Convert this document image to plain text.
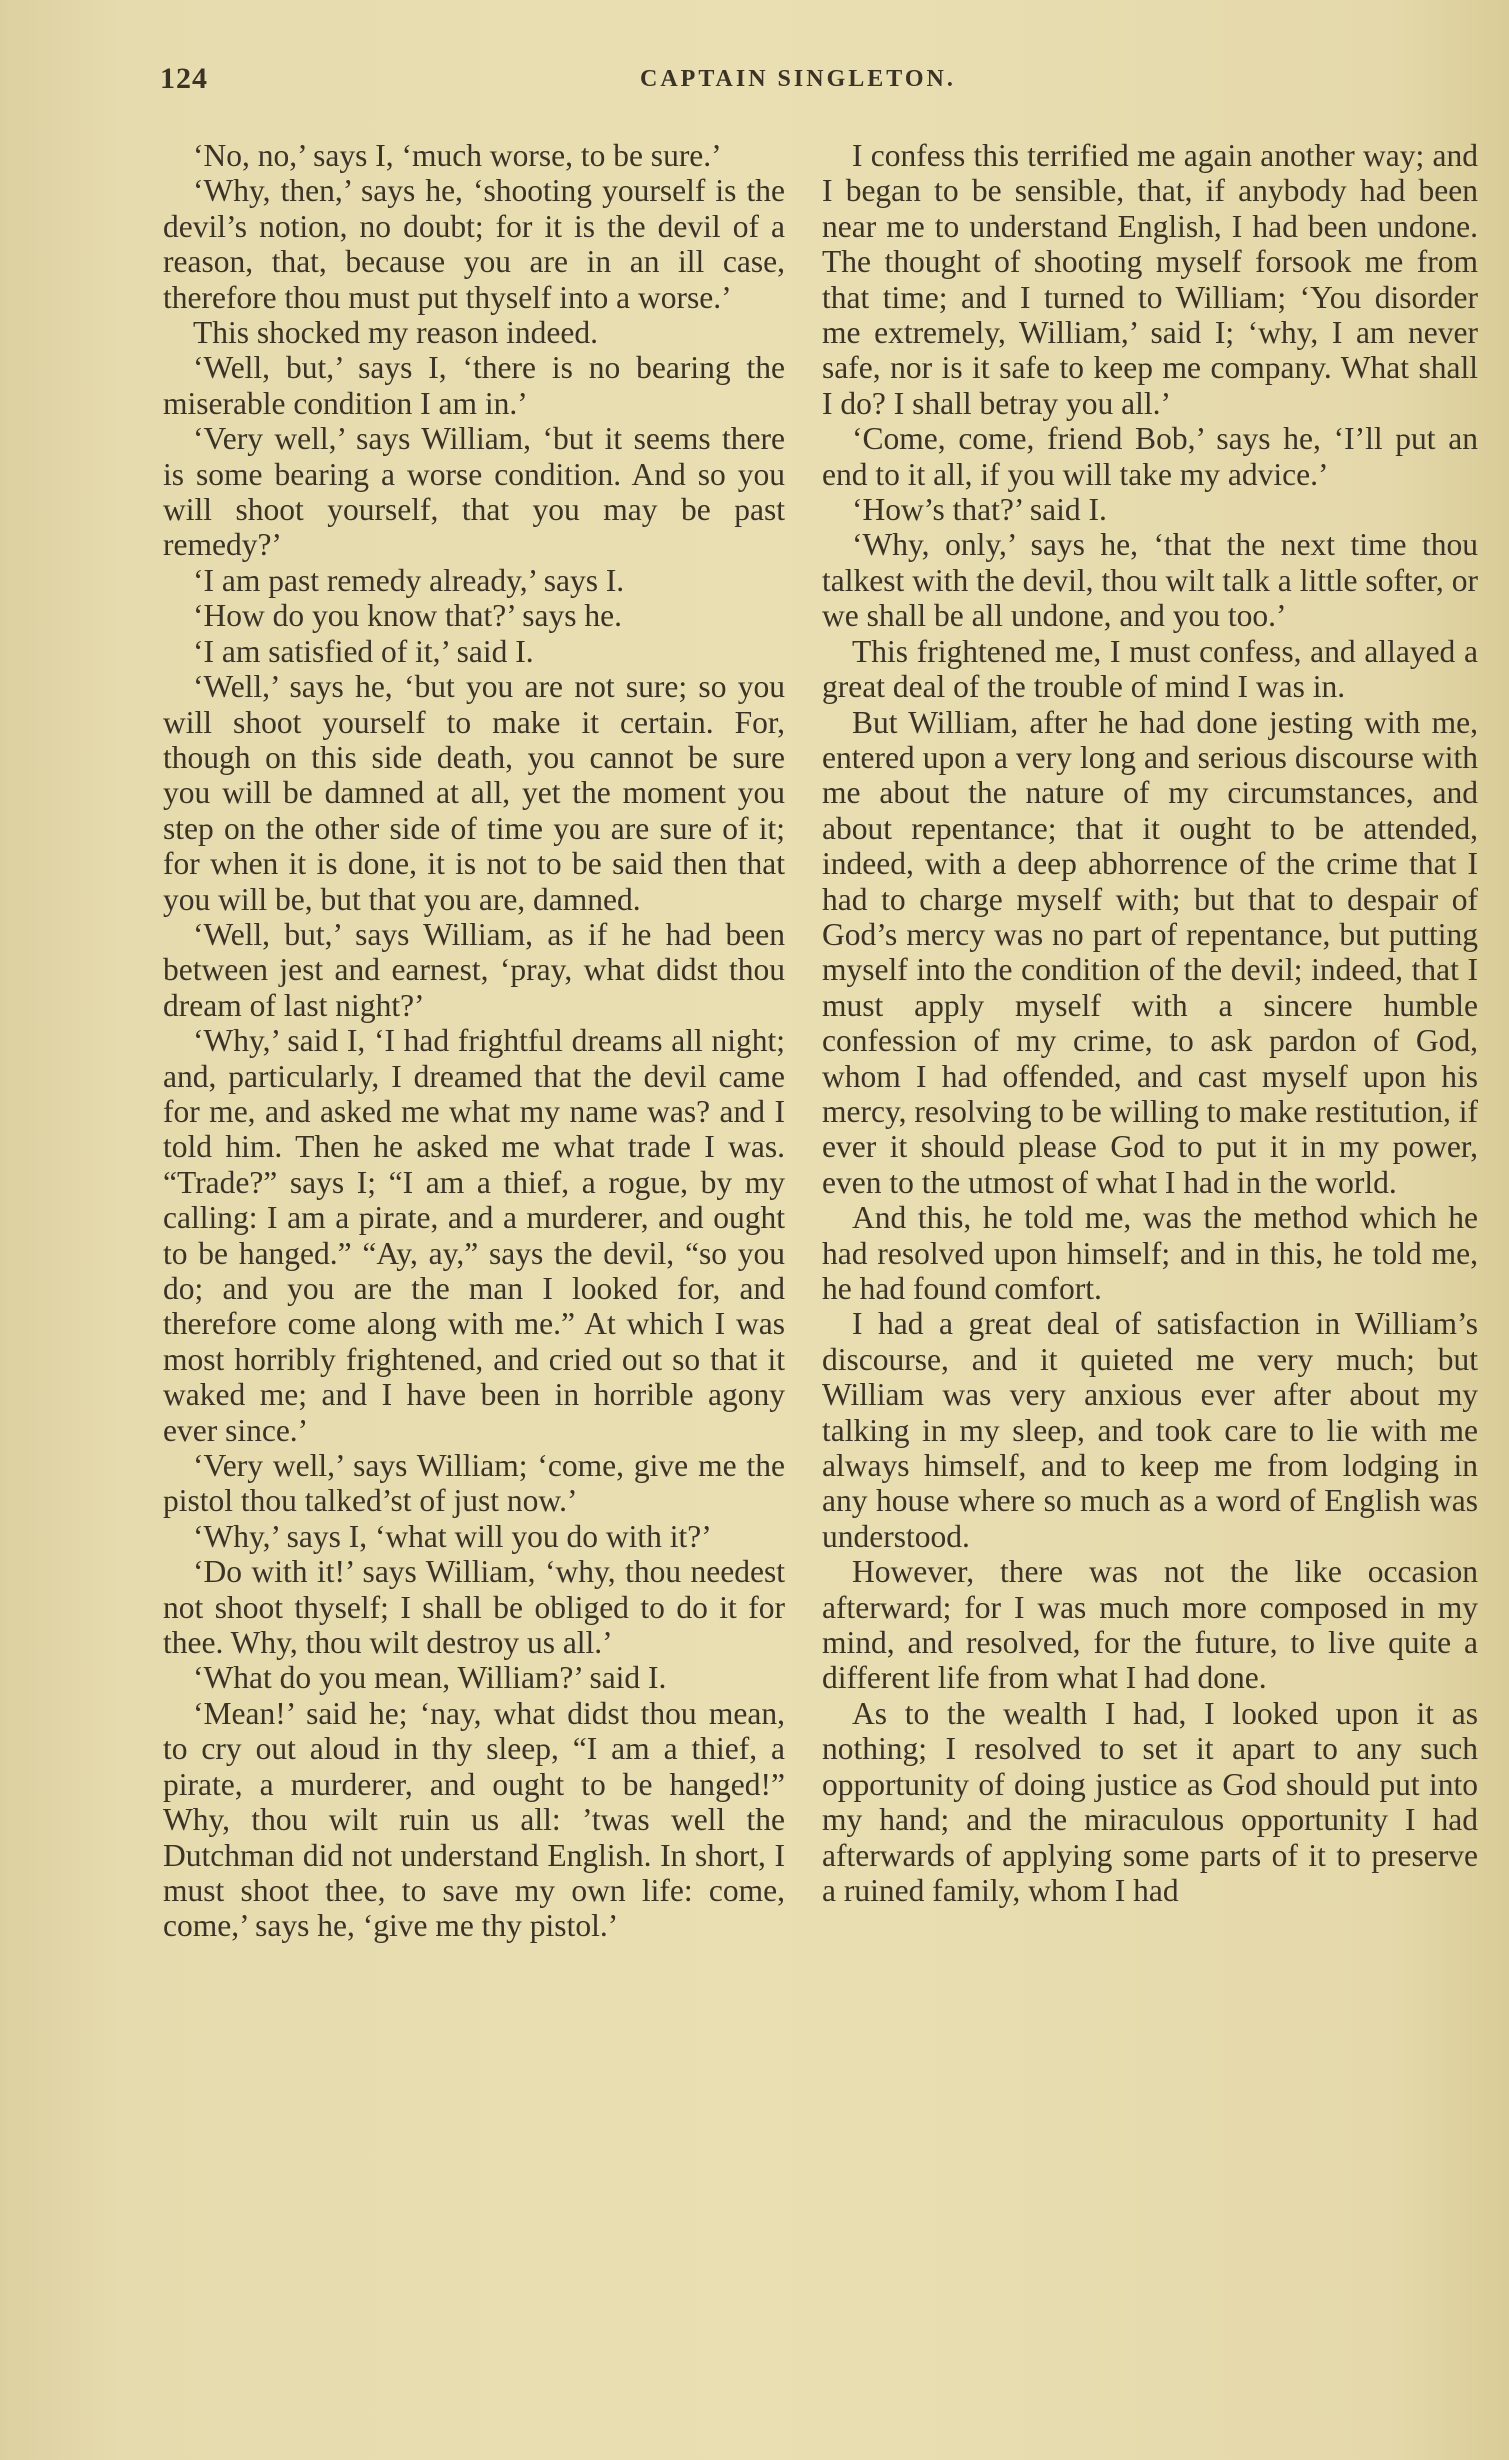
124	CAPTAIN SINGLETON.

‘No, no,’ says I, ‘much worse, to be sure.’

‘Why, then,’ says he, ‘shooting yourself is the devil’s notion, no doubt; for it is the devil of a reason, that, because you are in an ill case, therefore thou must put thyself into a worse.’

This shocked my reason indeed.

‘Well, but,’ says I, ‘there is no bearing the miserable condition I am in.’

‘Very well,’ says William, ‘but it seems there is some bearing a worse condition. And so you will shoot yourself, that you may be past remedy?’

‘I am past remedy already,’ says I.

‘How do you know that?’ says he.

‘I am satisfied of it,’ said I.

‘Well,’ says he, ‘but you are not sure; so you will shoot yourself to make it certain. For, though on this side death, you cannot be sure you will be damned at all, yet the moment you step on the other side of time you are sure of it; for when it is done, it is not to be said then that you will be, but that you are, damned.

‘Well, but,’ says William, as if he had been between jest and earnest, ‘pray, what didst thou dream of last night?’

‘Why,’ said I, ‘I had frightful dreams all night; and, particularly, I dreamed that the devil came for me, and asked me what my name was? and I told him. Then he asked me what trade I was. “Trade?” says I; “I am a thief, a rogue, by my calling: I am a pirate, and a murderer, and ought to be hanged.” “Ay, ay,” says the devil, “so you do; and you are the man I looked for, and therefore come along with me.” At which I was most horribly frightened, and cried out so that it waked me; and I have been in horrible agony ever since.’

‘Very well,’ says William; ‘come, give me the pistol thou talked’st of just now.’

‘Why,’ says I, ‘what will you do with it?’

‘Do with it!’ says William, ‘why, thou needest not shoot thyself; I shall be obliged to do it for thee. Why, thou wilt destroy us all.’

‘What do you mean, William?’ said I.

‘Mean!’ said he; ‘nay, what didst thou mean, to cry out aloud in thy sleep, “I am a thief, a pirate, a murderer, and ought to be hanged!” Why, thou wilt ruin us all: ’twas well the Dutchman did not understand English. In short, I must shoot thee, to save my own life: come, come,’ says he, ‘give me thy pistol.’

I confess this terrified me again another way; and I began to be sensible, that, if anybody had been near me to understand English, I had been undone. The thought of shooting myself forsook me from that time; and I turned to William; ‘You disorder me extremely, William,’ said I; ‘why, I am never safe, nor is it safe to keep me company. What shall I do? I shall betray you all.’

‘Come, come, friend Bob,’ says he, ‘I’ll put an end to it all, if you will take my advice.’

‘How’s that?’ said I.

‘Why, only,’ says he, ‘that the next time thou talkest with the devil, thou wilt talk a little softer, or we shall be all undone, and you too.’

This frightened me, I must confess, and allayed a great deal of the trouble of mind I was in.

But William, after he had done jesting with me, entered upon a very long and serious discourse with me about the nature of my circumstances, and about repentance; that it ought to be attended, indeed, with a deep abhorrence of the crime that I had to charge myself with; but that to despair of God’s mercy was no part of repentance, but putting myself into the condition of the devil; indeed, that I must apply myself with a sincere humble confession of my crime, to ask pardon of God, whom I had offended, and cast myself upon his mercy, resolving to be willing to make restitution, if ever it should please God to put it in my power, even to the utmost of what I had in the world.

And this, he told me, was the method which he had resolved upon himself; and in this, he told me, he had found comfort.

I had a great deal of satisfaction in William’s discourse, and it quieted me very much; but William was very anxious ever after about my talking in my sleep, and took care to lie with me always himself, and to keep me from lodging in any house where so much as a word of English was understood.

However, there was not the like occasion afterward; for I was much more composed in my mind, and resolved, for the future, to live quite a different life from what I had done.

As to the wealth I had, I looked upon it as nothing; I resolved to set it apart to any such opportunity of doing justice as God should put into my hand; and the miraculous opportunity I had afterwards of applying some parts of it to preserve a ruined family, whom I had
